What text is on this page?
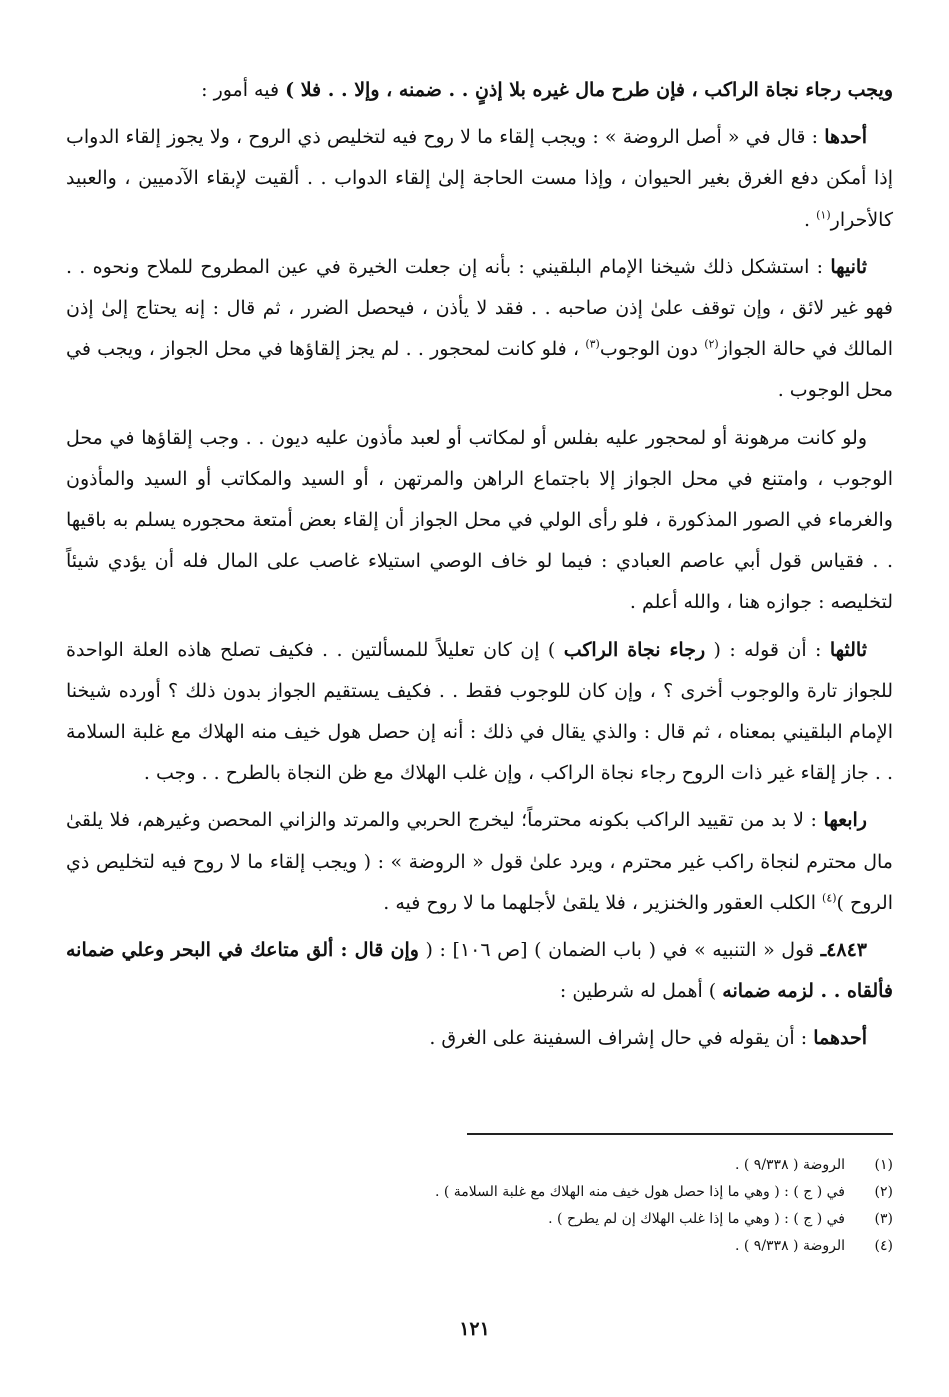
ويجب رجاء نجاة الراكب ، فإن طرح مال غيره بلا إذنٍ . . ضمنه ، وإلا . . فلا ) فيه أمور :

أحدها : قال في « أصل الروضة » : ويجب إلقاء ما لا روح فيه لتخليص ذي الروح ، ولا يجوز إلقاء الدواب إذا أمكن دفع الغرق بغير الحيوان ، وإذا مست الحاجة إلىٰ إلقاء الدواب . . ألقيت لإبقاء الآدميين ، والعبيد كالأحرار$^{(١)}$ .

ثانيها : استشكل ذلك شيخنا الإمام البلقيني : بأنه إن جعلت الخيرة في عين المطروح للملاح ونحوه . . فهو غير لائق ، وإن توقف علىٰ إذن صاحبه . . فقد لا يأذن ، فيحصل الضرر ، ثم قال : إنه يحتاج إلىٰ إذن المالك في حالة الجواز$^{(٢)}$ دون الوجوب$^{(٣)}$ ، فلو كانت لمحجور . . لم يجز إلقاؤها في محل الجواز ، ويجب في محل الوجوب .

ولو كانت مرهونة أو لمحجور عليه بفلس أو لمكاتب أو لعبد مأذون عليه ديون . . وجب إلقاؤها في محل الوجوب ، وامتنع في محل الجواز إلا باجتماع الراهن والمرتهن ، أو السيد والمكاتب أو السيد والمأذون والغرماء في الصور المذكورة ، فلو رأى الولي في محل الجواز أن إلقاء بعض أمتعة محجوره يسلم به باقيها . . فقياس قول أبي عاصم العبادي : فيما لو خاف الوصي استيلاء غاصب على المال فله أن يؤدي شيئاً لتخليصه : جوازه هنا ، والله أعلم .

ثالثها : أن قوله : ( رجاء نجاة الراكب ) إن كان تعليلاً للمسألتين . . فكيف تصلح هاذه العلة الواحدة للجواز تارة والوجوب أخرى ؟ ، وإن كان للوجوب فقط . . فكيف يستقيم الجواز بدون ذلك ؟ أورده شيخنا الإمام البلقيني بمعناه ، ثم قال : والذي يقال في ذلك : أنه إن حصل هول خيف منه الهلاك مع غلبة السلامة . . جاز إلقاء غير ذات الروح رجاء نجاة الراكب ، وإن غلب الهلاك مع ظن النجاة بالطرح . . وجب .

رابعها : لا بد من تقييد الراكب بكونه محترماً؛ ليخرج الحربي والمرتد والزاني المحصن وغيرهم، فلا يلقىٰ مال محترم لنجاة راكب غير محترم ، ويرد علىٰ قول « الروضة » : ( ويجب إلقاء ما لا روح فيه لتخليص ذي الروح )$^{(٤)}$ الكلب العقور والخنزير ، فلا يلقىٰ لأجلهما ما لا روح فيه .

٤٨٤٣ـ قول « التنبيه » في ( باب الضمان ) [ص ١٠٦] : ( وإن قال : ألق متاعك في البحر وعلي ضمانه فألقاه . . لزمه ضمانه ) أهمل له شرطين :

أحدهما : أن يقوله في حال إشراف السفينة على الغرق .

(١)
الروضة ( ٩/٣٣٨ ) .
(٢)
في ( ج ) : ( وهي ما إذا حصل هول خيف منه الهلاك مع غلبة السلامة ) .
(٣)
في ( ج ) : ( وهي ما إذا غلب الهلاك إن لم يطرح ) .
(٤)
الروضة ( ٩/٣٣٨ ) .
١٢١
